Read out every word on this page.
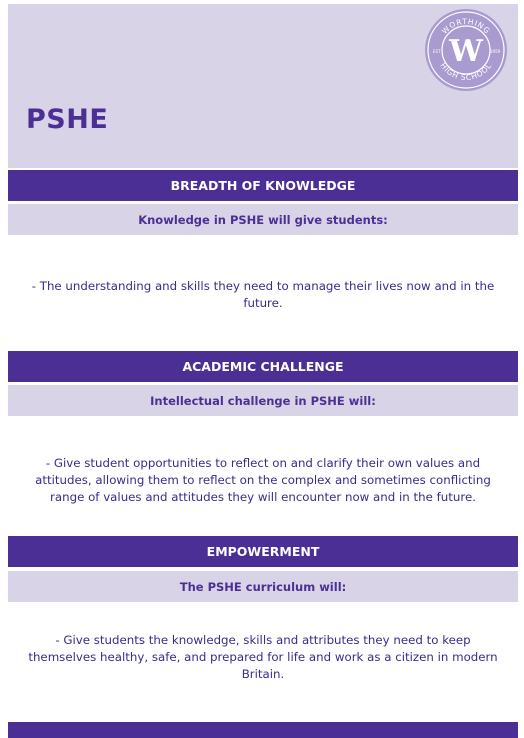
WORTHING
HIGH SCHOOL
EST	1959
W
PSHE
BREADTH OF KNOWLEDGE
Knowledge in PSHE will give students:
- The understanding and skills they need to manage their lives now and in the future.
ACADEMIC CHALLENGE
Intellectual challenge in PSHE will:
- Give student opportunities to reflect on and clarify their own values and attitudes, allowing them to reflect on the complex and sometimes conflicting range of values and attitudes they will encounter now and in the future.
EMPOWERMENT
The PSHE curriculum will:
- Give students the knowledge, skills and attributes they need to keep themselves healthy, safe, and prepared for life and work as a citizen in modern Britain.
